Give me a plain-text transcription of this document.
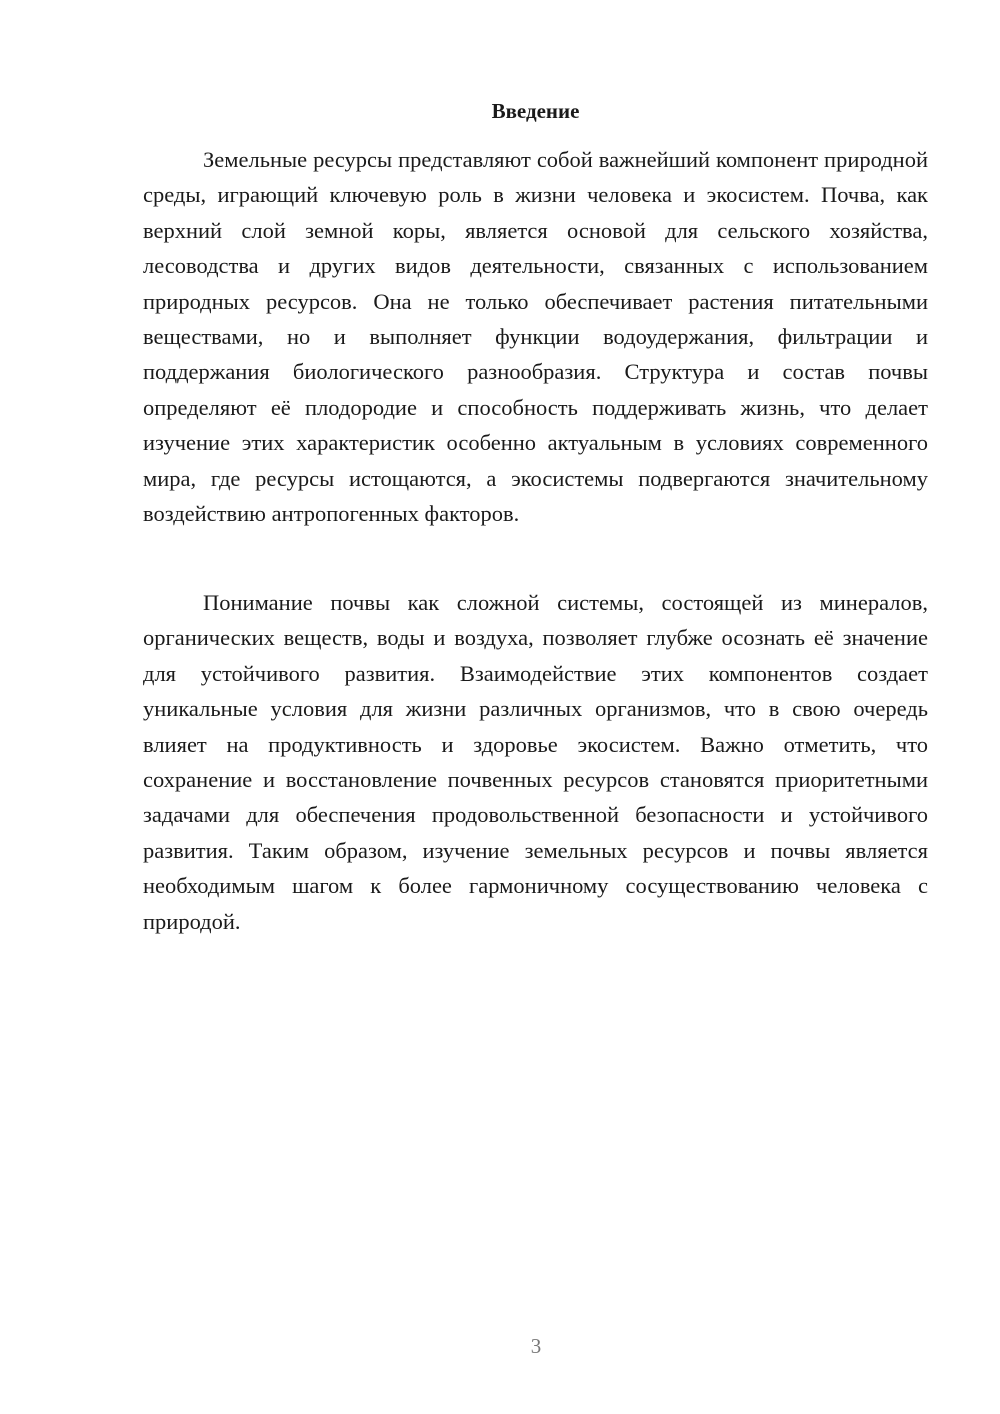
Введение

Земельные ресурсы представляют собой важнейший компонент природной среды, играющий ключевую роль в жизни человека и экосистем. Почва, как верхний слой земной коры, является основой для сельского хозяйства, лесоводства и других видов деятельности, связанных с использованием природных ресурсов. Она не только обеспечивает растения питательными веществами, но и выполняет функции водоудержания, фильтрации и поддержания биологического разнообразия. Структура и состав почвы определяют её плодородие и способность поддерживать жизнь, что делает изучение этих характеристик особенно актуальным в условиях современного мира, где ресурсы истощаются, а экосистемы подвергаются значительному воздействию антропогенных факторов.

Понимание почвы как сложной системы, состоящей из минералов, органических веществ, воды и воздуха, позволяет глубже осознать её значение для устойчивого развития. Взаимодействие этих компонентов создает уникальные условия для жизни различных организмов, что в свою очередь влияет на продуктивность и здоровье экосистем. Важно отметить, что сохранение и восстановление почвенных ресурсов становятся приоритетными задачами для обеспечения продовольственной безопасности и устойчивого развития. Таким образом, изучение земельных ресурсов и почвы является необходимым шагом к более гармоничному сосуществованию человека с природой.

3
